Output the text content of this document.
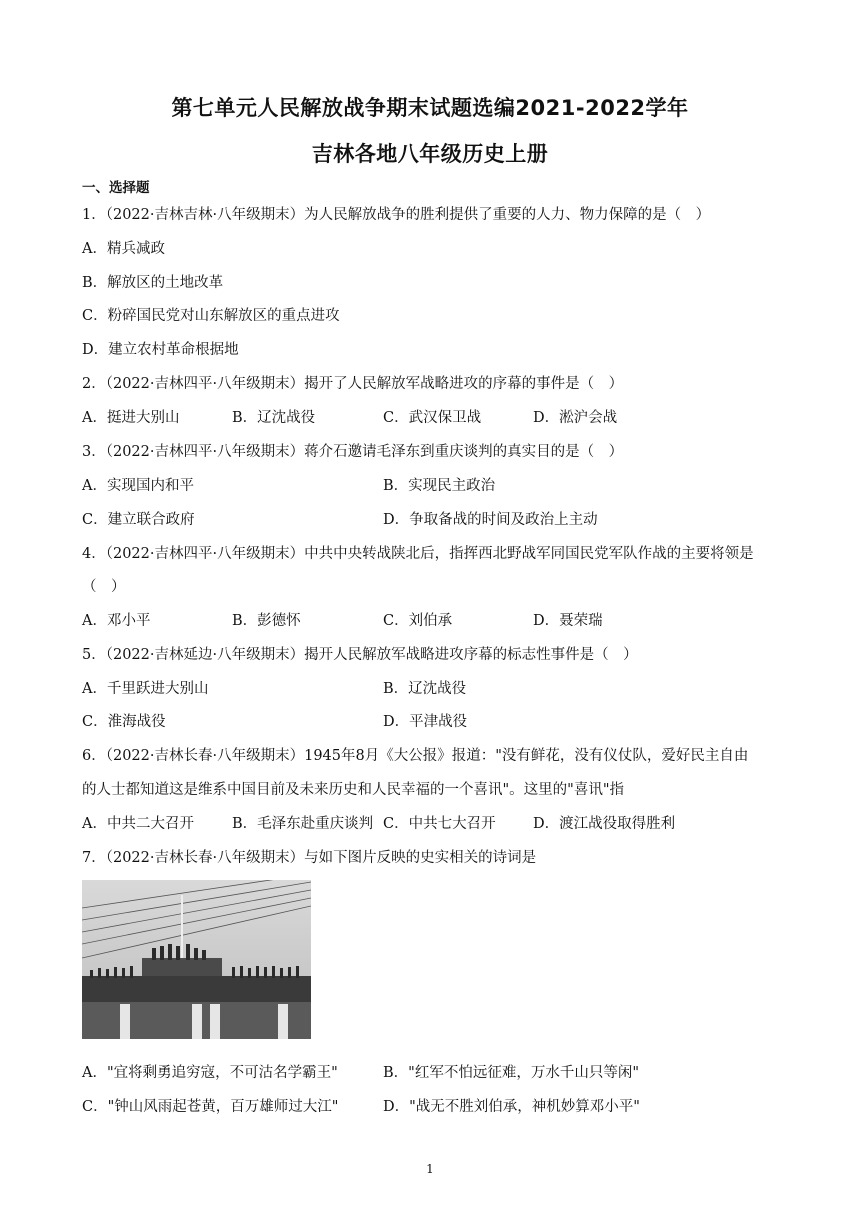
第七单元人民解放战争期末试题选编2021-2022学年
吉林各地八年级历史上册
一、选择题
1．（2022·吉林吉林·八年级期末）为人民解放战争的胜利提供了重要的人力、物力保障的是（　）
A．精兵减政
B．解放区的土地改革
C．粉碎国民党对山东解放区的重点进攻
D．建立农村革命根据地
2．（2022·吉林四平·八年级期末）揭开了人民解放军战略进攻的序幕的事件是（　）
A．挺进大别山	B．辽沈战役	C．武汉保卫战	D．淞沪会战
3．（2022·吉林四平·八年级期末）蒋介石邀请毛泽东到重庆谈判的真实目的是（　）
A．实现国内和平	B．实现民主政治
C．建立联合政府	D．争取备战的时间及政治上主动
4．（2022·吉林四平·八年级期末）中共中央转战陕北后，指挥西北野战军同国民党军队作战的主要将领是
（　）
A．邓小平	B．彭德怀	C．刘伯承	D．聂荣瑞
5．（2022·吉林延边·八年级期末）揭开人民解放军战略进攻序幕的标志性事件是（　）
A．千里跃进大别山	B．辽沈战役
C．淮海战役	D．平津战役
6．（2022·吉林长春·八年级期末）1945年8月《大公报》报道："没有鲜花，没有仪仗队，爱好民主自由
的人士都知道这是维系中国目前及未来历史和人民幸福的一个喜讯"。这里的"喜讯"指
A．中共二大召开	B．毛泽东赴重庆谈判 C．中共七大召开	D．渡江战役取得胜利
7．（2022·吉林长春·八年级期末）与如下图片反映的史实相关的诗词是
A．"宜将剩勇追穷寇，不可沽名学霸王"	B．"红军不怕远征难，万水千山只等闲"
C．"钟山风雨起苍黄，百万雄师过大江"	D．"战无不胜刘伯承，神机妙算邓小平"
1
